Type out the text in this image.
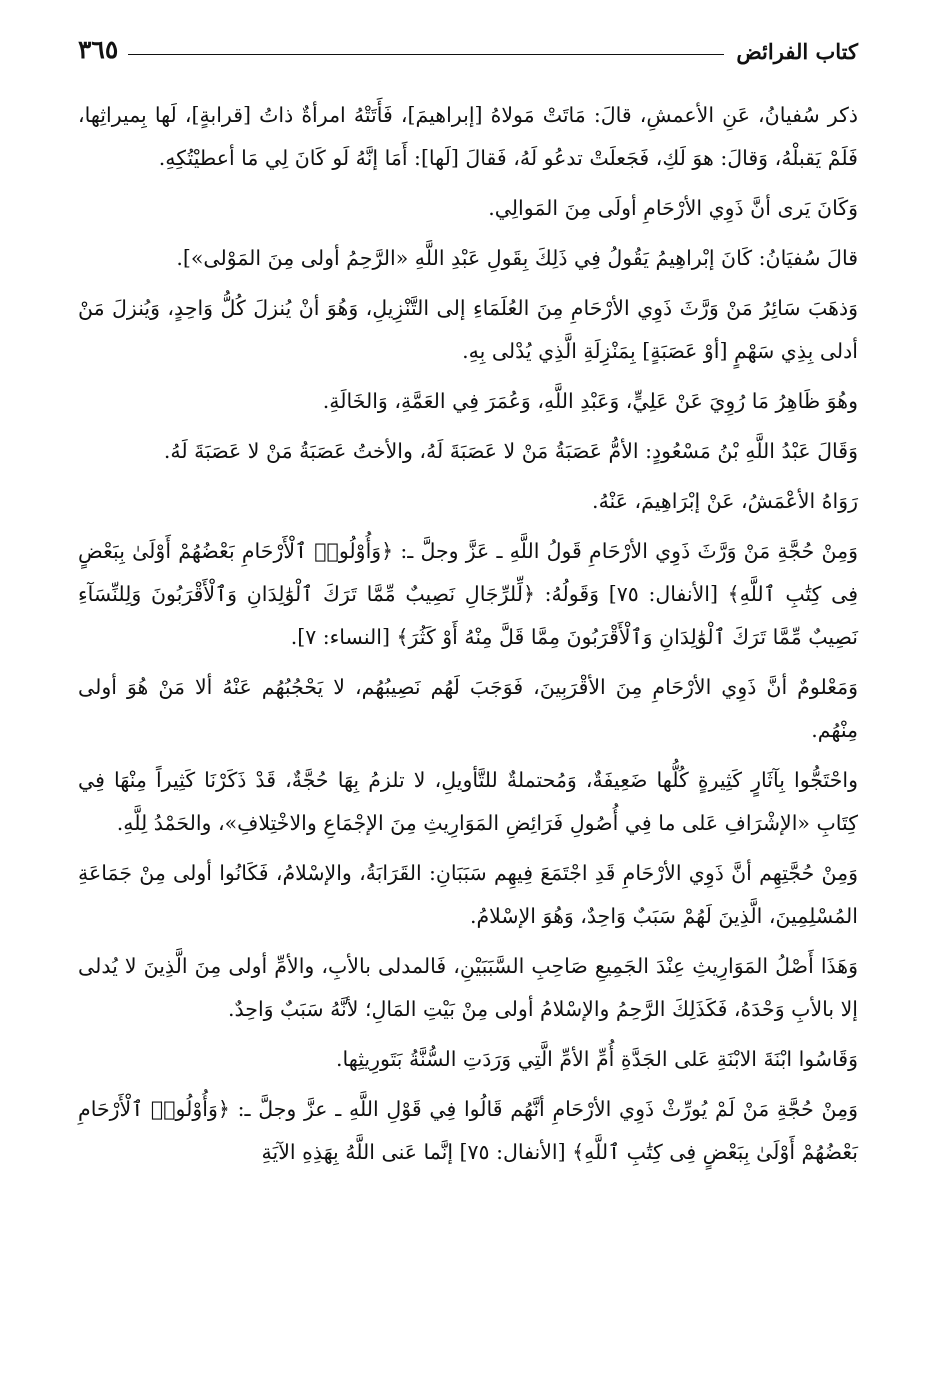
كتاب الفرائض
٣٦٥

ذكر سُفيانُ، عَنِ الأعمشِ، قالَ: مَاتَتْ مَولاهُ [إبراهيمَ]، فَأَتَتْهُ امرأةٌ ذاتُ [قرابةٍ]، لَها بِميراثِها، فَلَمْ يَقبلْهُ، وَقالَ: هوَ لَكِ، فَجَعلَتْ تدعُو لَهُ، فَقالَ [لَها]: أَمَا إنَّهُ لَو كَانَ لِي مَا أعطيْتُكِهِ.

وَكَانَ يَرى أنَّ ذَوِي الأرْحَامِ أولَى مِنَ المَوالِي.

قالَ سُفيَانُ: كَانَ إبْراهِيمُ يَقُولُ فِي ذَلِكَ بِقَولِ عَبْدِ اللَّهِ «الرَّحِمُ أولى مِنَ المَوْلى»].

وَذهَبَ سَائِرُ مَنْ وَرَّثَ ذَوِي الأرْحَامِ مِنَ العُلَمَاءِ إلى التَّنْزِيلِ، وَهُوَ أنْ يُنزلَ كُلُّ وَاحِدٍ، وَيُنزلَ مَنْ أدلى بِذِي سَهْمٍ [أوْ عَصَبَةٍ] بِمَنْزِلَةِ الَّذِي يُدْلى بِهِ.

وهُوَ ظَاهِرُ مَا رُوِيَ عَنْ عَلِيٍّ، وَعَبْدِ اللَّهِ، وَعُمَرَ فِي العَمَّةِ، وَالخَالَةِ.

وَقَالَ عَبْدُ اللَّهِ بْنُ مَسْعُودٍ: الأمُّ عَصَبَةُ مَنْ لا عَصَبَةَ لَهُ، والأختُ عَصَبَةُ مَنْ لا عَصَبَةَ لَهُ.

رَوَاهُ الأعْمَشُ، عَنْ إبْرَاهِيمَ، عَنْهُ.

وَمِنْ حُجَّةِ مَنْ وَرَّثَ ذَوِي الأرْحَامِ قَولُ اللَّهِ ـ عَزَّ وجلَّ ـ: ﴿وَأُوْلُوا۟ ٱلْأَرْحَامِ بَعْضُهُمْ أَوْلَىٰ بِبَعْضٍ فِى كِتَٰبِ ٱللَّهِ﴾ [الأنفال: ٧٥] وَقَولُهُ: ﴿لِّلرِّجَالِ نَصِيبٌ مِّمَّا تَرَكَ ٱلْوَٰلِدَانِ وَٱلْأَقْرَبُونَ وَلِلنِّسَآءِ نَصِيبٌ مِّمَّا تَرَكَ ٱلْوَٰلِدَانِ وَٱلْأَقْرَبُونَ مِمَّا قَلَّ مِنْهُ أَوْ كَثُرَ﴾ [النساء: ٧].

وَمَعْلومٌ أنَّ ذَوِي الأرْحَامِ مِنَ الأقْرَبِينَ، فَوَجَبَ لَهُم نَصِيبُهُم، لا يَحْجُبُهُم عَنْهُ ألا مَنْ هُوَ أولى مِنْهُم.

واحْتَجُّوا بِآثَارٍ كَثِيرةٍ كُلُّها ضَعِيفَةٌ، وَمُحتملةٌ للتَّأويلِ، لا تلزمُ بِهَا حُجَّةٌ، قَدْ ذَكَرْنَا كَثِيراً مِنْهَا فِي كِتَابِ «الإشْرَافِ عَلى ما فِي أُصُولِ فَرَائِضِ المَوَارِيثِ مِنَ الإجْمَاعِ والاخْتِلافِ»، والحَمْدُ لِلَّهِ.

وَمِنْ حُجَّتِهِم أنَّ ذَوِي الأرْحَامِ قَدِ اجْتَمَعَ فِيهِم سَبَبَانِ: القَرَابَةُ، والإسْلامُ، فَكَانُوا أولى مِنْ جَمَاعَةِ المُسْلِمِينَ، الَّذِينَ لَهُمْ سَبَبٌ وَاحِدٌ، وَهُوَ الإسْلامُ.

وَهَذَا أَصْلُ المَوَارِيثِ عِنْدَ الجَمِيعِ صَاحِبِ السَّبَبَيْنِ، فَالمدلى بالأبِ، والأمِّ أولى مِنَ الَّذِينَ لا يُدلى إلا بالأبِ وَحْدَهُ، فَكَذَلِكَ الرَّحِمُ والإسْلامُ أولى مِنْ بَيْتِ المَالِ؛ لأنَّهُ سَبَبٌ وَاحِدٌ.

وَقَاسُوا ابْنَةَ الابْنَةِ عَلى الجَدَّةِ أُمِّ الأمِّ الَّتِي وَرَدَتِ السُّنَّةُ بَتَورِيثِها.

وَمِنْ حُجَّةِ مَنْ لَمْ يُورِّثْ ذَوِي الأرْحَامِ أنَّهُم قَالُوا فِي قَوْلِ اللَّهِ ـ عزَّ وجلَّ ـ: ﴿وَأُوْلُوا۟ ٱلْأَرْحَامِ بَعْضُهُمْ أَوْلَىٰ بِبَعْضٍ فِى كِتَٰبِ ٱللَّهِ﴾ [الأنفال: ٧٥] إنَّما عَنى اللَّهُ بِهَذِهِ الآيَةِ
